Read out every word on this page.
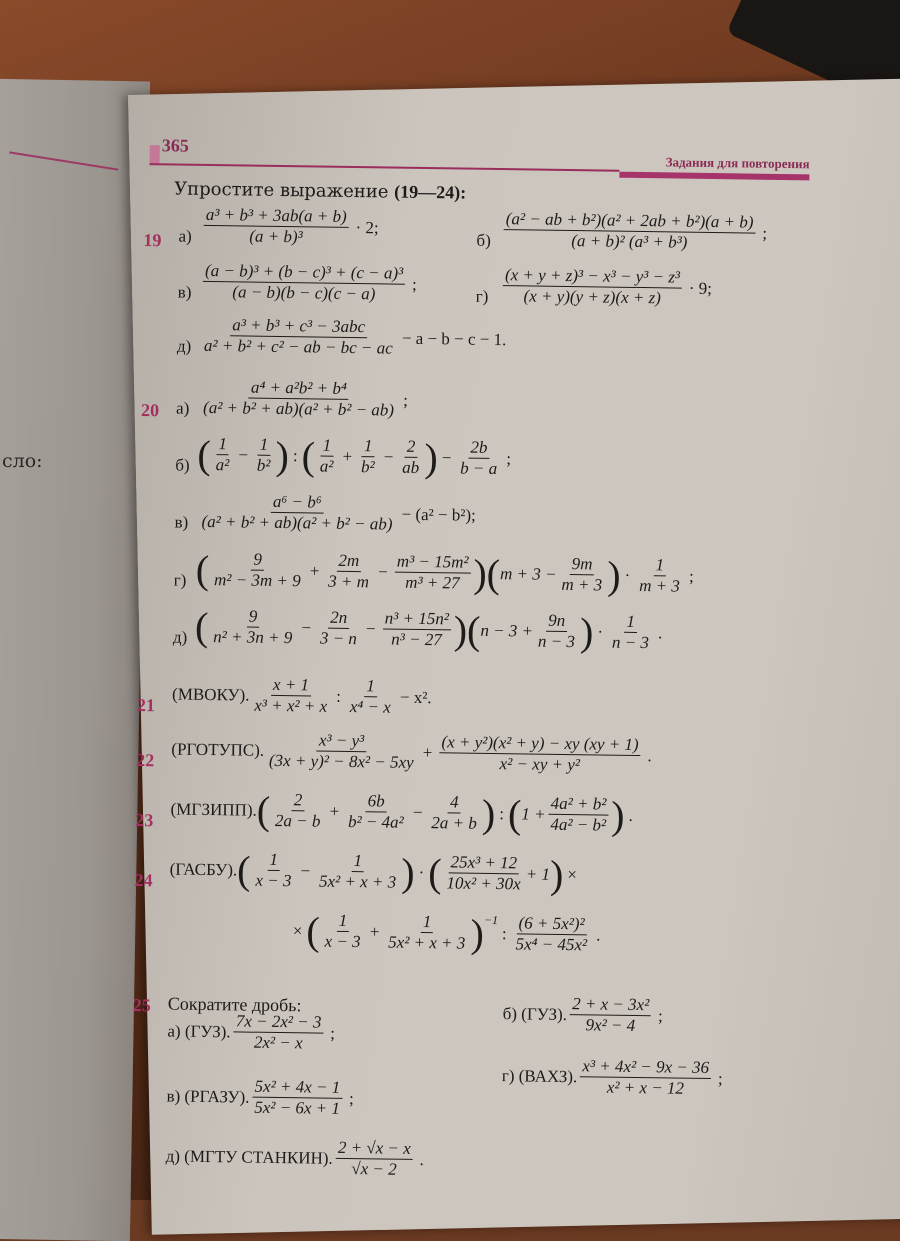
сло:
365
Задания для повторения
Упростите выражение (19—24):
19 $а) \frac{\text{a³ + b³ + 3ab(a + b)}}{\text{(a + b)³}} \cdot 2$;
$б) \frac{\text{(a² − ab + b²)(a² + 2ab + b²)(a + b)}}{\text{(a + b)² (a³ + b³)}}$ ;
$в) \frac{\text{(a − b)³ + (b − c)³ + (c − a)³}}{(a - b)(b - c)(c - a)}$ ;
$г) \frac{\text{(x + y + z)³ − x³ − y³ − z³}}{(x + y)(y + z)(x + z)} \cdot 9$;
$д) \frac{\text{a³ + b³ + c³ − 3abc}}{\text{a² + b² + c² − ab − bc − ac}} - a - b - c - 1$.
20 $а) \frac{\text{a⁴ + a²b² + b⁴}}{\text{(a² + b² + ab)(a² + b² − ab)}}$ ;
б) ( $\frac{1}{\text{a²}} - \frac{1}{\text{b²}}$ ) : ( $\frac{1}{\text{a²}} + \frac{1}{\text{b²}} - \frac{2}{ab}$ ) − $\frac{2b}{b - a}$ ;
$в) \frac{\text{a⁶ − b⁶}}{\text{(a² + b² + ab)(a² + b² − ab)}} - (a^2 - b^2)$;
г) ( $\frac{9}{\text{m² − 3m + 9}} + \frac{2m}{3 + m} - \frac{\text{m³ − 15m²}}{\text{m³ + 27}}$ )( $m + 3 - \frac{9m}{m + 3}$ ) · $\frac{1}{m + 3}$ ;
д) ( $\frac{9}{\text{n² + 3n + 9}} - \frac{2n}{3 - n} - \frac{\text{n³ + 15n²}}{\text{n³ − 27}}$ )( $n - 3 + \frac{9n}{n - 3}$ ) · $\frac{1}{n - 3}$ .
21
(МВОКУ). $\frac{x + 1}{\text{x³ + x² + x}}$ : $\frac{1}{\text{x⁴ − x}} - x^2$.
22
(РГОТУПС). $\frac{\text{x³ − y³}}{\text{(3x + y)² − 8x² − 5xy}} + \frac{\text{(x + y²)(x² + y) − xy (xy + 1)}}{\text{x² − xy + y²}}$ .
23
(МГЗИПП). ( $\frac{2}{2a - b} + \frac{6b}{\text{b² − 4a²}} - \frac{4}{2a + b}$ ) : ( $1 + \frac{\text{4a² + b²}}{\text{4a² − b²}}$ ) .
24
(ГАСБУ). ( $\frac{1}{x - 3} - \frac{1}{\text{5x² + x + 3}}$ ) · ( $\frac{\text{25x³ + 12}}{\text{10x² + 30x}} + 1$ ) ×
× ( $\frac{1}{x - 3} + \frac{1}{\text{5x² + x + 3}} )^{-1}$
: $\frac{\text{(6 + 5x²)²}}{\text{5x⁴ − 45x²}}$ .
25 Сократите дробь:
а)
(ГУЗ). $\frac{\text{7x − 2x² − 3}}{\text{2x² − x}}$ ;
б)
(ГУЗ). $\frac{\text{2 + x − 3x²}}{\text{9x² − 4}}$ ;
в)
(РГАЗУ). $\frac{\text{5x² + 4x − 1}}{\text{5x² − 6x + 1}}$ ;
г)
(ВАХЗ). $\frac{\text{x³ + 4x² − 9x − 36}}{\text{x² + x − 12}}$ ;
д)
(МГТУ СТАНКИН). $\frac{2 + √x - x}{√x - 2}$ .
